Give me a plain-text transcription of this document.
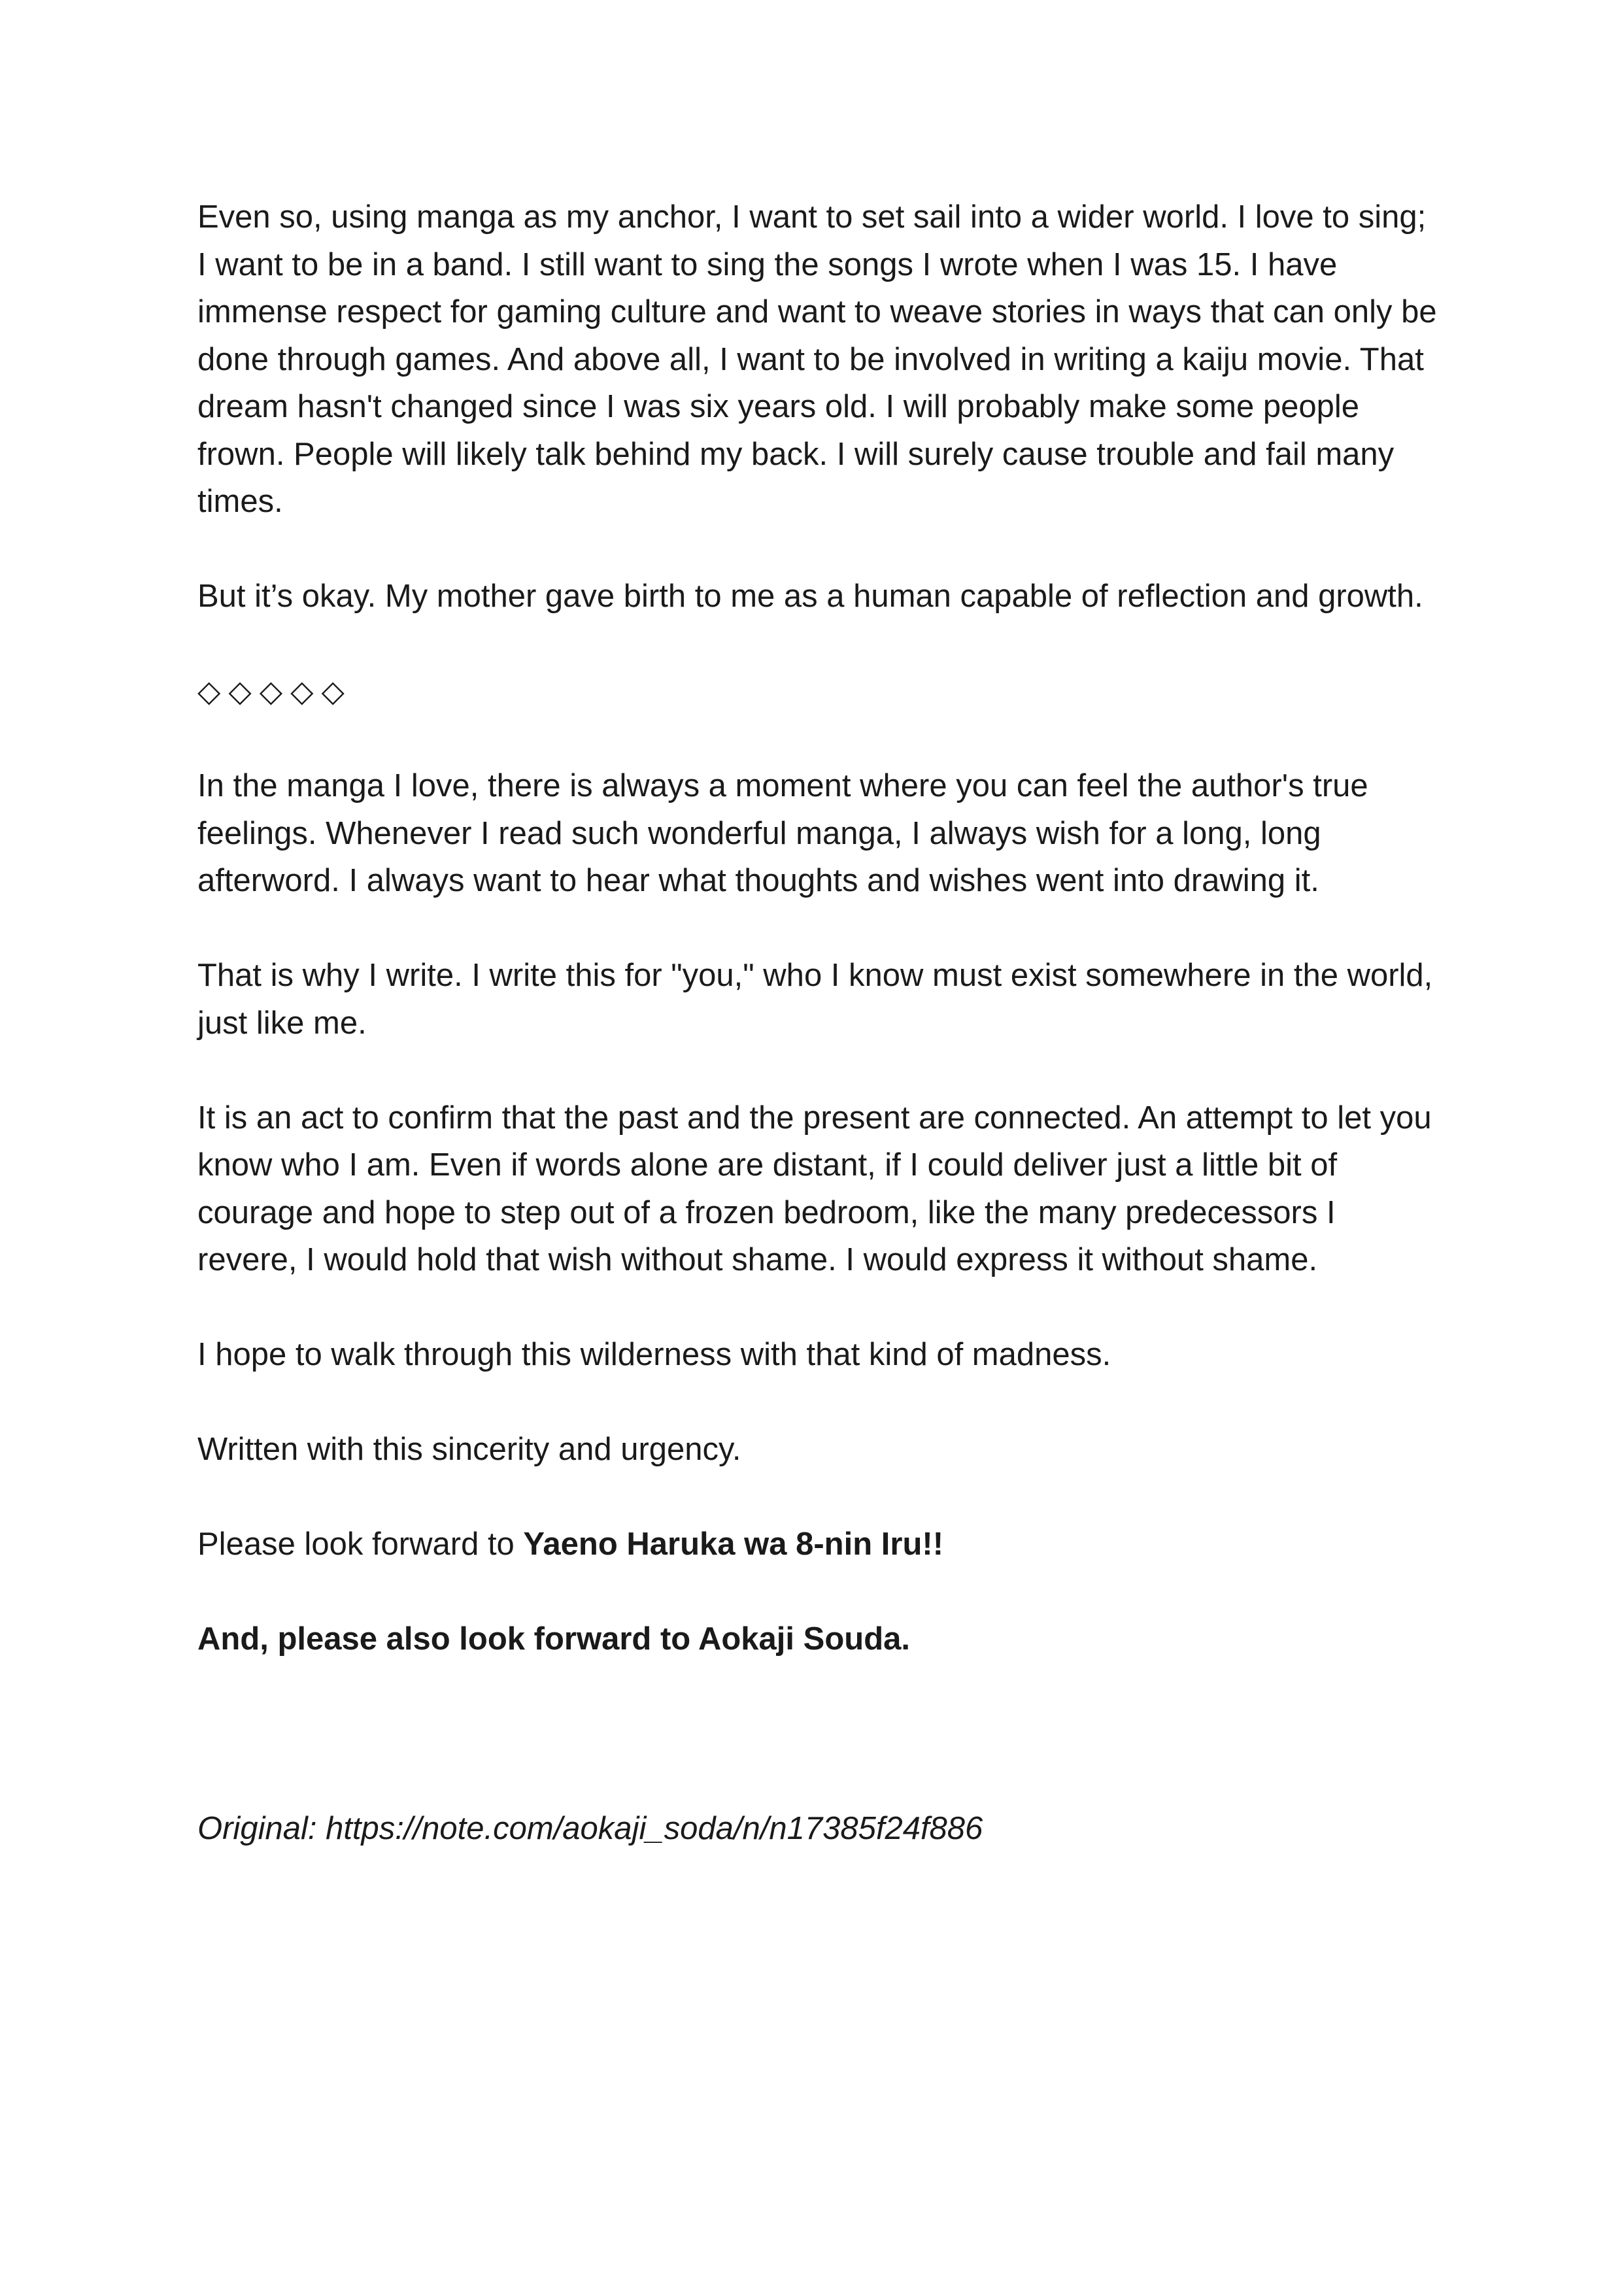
Even so, using manga as my anchor, I want to set sail into a wider world. I love to sing; I want to be in a band. I still want to sing the songs I wrote when I was 15. I have immense respect for gaming culture and want to weave stories in ways that can only be done through games. And above all, I want to be involved in writing a kaiju movie. That dream hasn't changed since I was six years old. I will probably make some people frown. People will likely talk behind my back. I will surely cause trouble and fail many times.

But it’s okay. My mother gave birth to me as a human capable of reflection and growth.

◇◇◇◇◇

In the manga I love, there is always a moment where you can feel the author's true feelings. Whenever I read such wonderful manga, I always wish for a long, long afterword. I always want to hear what thoughts and wishes went into drawing it.

That is why I write. I write this for "you," who I know must exist somewhere in the world, just like me.

It is an act to confirm that the past and the present are connected. An attempt to let you know who I am. Even if words alone are distant, if I could deliver just a little bit of courage and hope to step out of a frozen bedroom, like the many predecessors I revere, I would hold that wish without shame. I would express it without shame.

I hope to walk through this wilderness with that kind of madness.

Written with this sincerity and urgency.

Please look forward to Yaeno Haruka wa 8-nin Iru!!

And, please also look forward to Aokaji Souda.

Original: https://note.com/aokaji_soda/n/n17385f24f886
